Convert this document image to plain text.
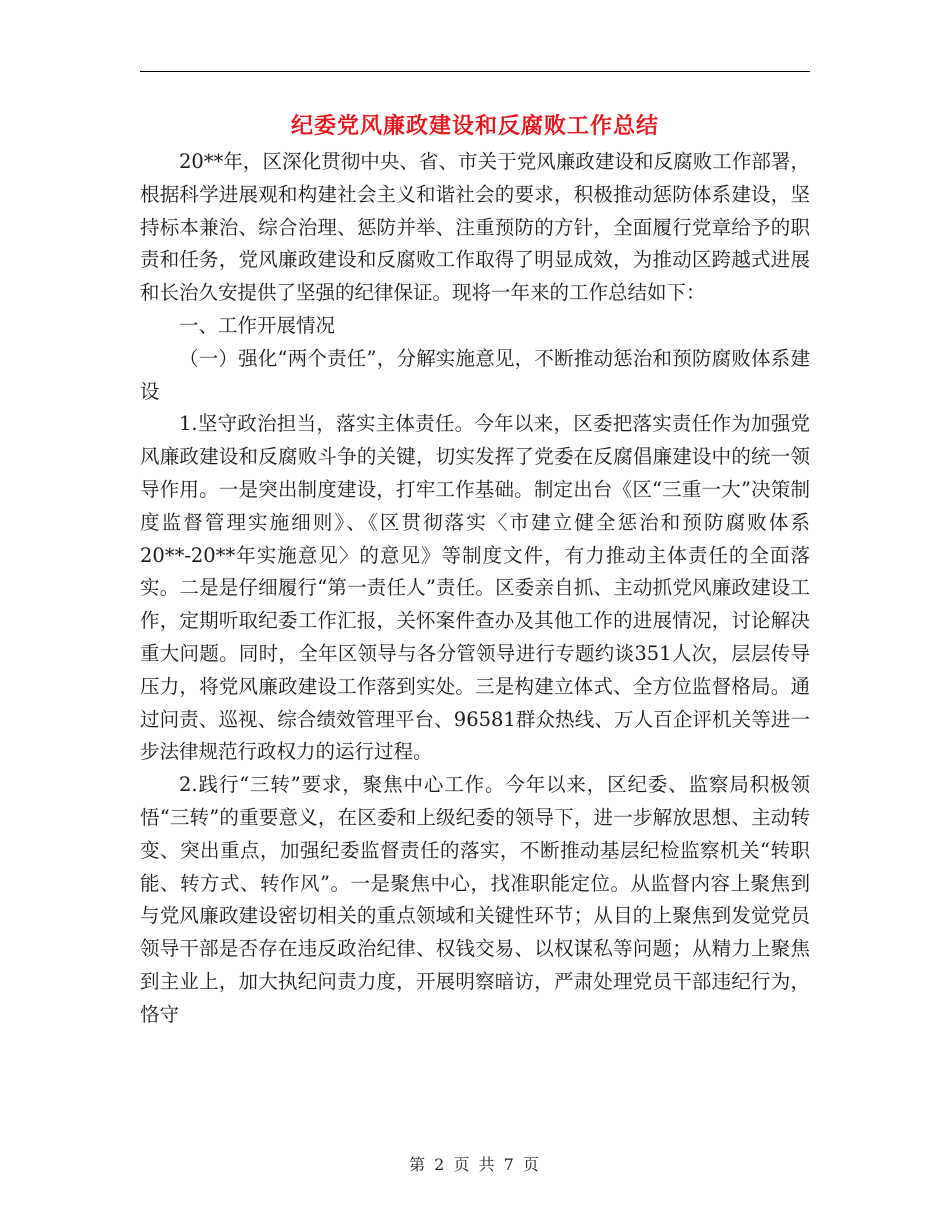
纪委党风廉政建设和反腐败工作总结

20**年，区深化贯彻中央、省、市关于党风廉政建设和反腐败工作部署，根据科学进展观和构建社会主义和谐社会的要求，积极推动惩防体系建设，坚持标本兼治、综合治理、惩防并举、注重预防的方针，全面履行党章给予的职责和任务，党风廉政建设和反腐败工作取得了明显成效，为推动区跨越式进展和长治久安提供了坚强的纪律保证。现将一年来的工作总结如下：

一、工作开展情况

（一）强化“两个责任”，分解实施意见，不断推动惩治和预防腐败体系建设

1.坚守政治担当，落实主体责任。今年以来，区委把落实责任作为加强党风廉政建设和反腐败斗争的关键，切实发挥了党委在反腐倡廉建设中的统一领导作用。一是突出制度建设，打牢工作基础。制定出台《区“三重一大”决策制度监督管理实施细则》、《区贯彻落实〈市建立健全惩治和预防腐败体系20**-20**年实施意见〉的意见》等制度文件，有力推动主体责任的全面落实。二是是仔细履行“第一责任人”责任。区委亲自抓、主动抓党风廉政建设工作，定期听取纪委工作汇报，关怀案件查办及其他工作的进展情况，讨论解决重大问题。同时，全年区领导与各分管领导进行专题约谈351人次，层层传导压力，将党风廉政建设工作落到实处。三是构建立体式、全方位监督格局。通过问责、巡视、综合绩效管理平台、96581群众热线、万人百企评机关等进一步法律规范行政权力的运行过程。

2.践行“三转”要求，聚焦中心工作。今年以来，区纪委、监察局积极领悟“三转”的重要意义，在区委和上级纪委的领导下，进一步解放思想、主动转变、突出重点，加强纪委监督责任的落实，不断推动基层纪检监察机关“转职能、转方式、转作风”。一是聚焦中心，找准职能定位。从监督内容上聚焦到与党风廉政建设密切相关的重点领域和关键性环节；从目的上聚焦到发觉党员领导干部是否存在违反政治纪律、权钱交易、以权谋私等问题；从精力上聚焦到主业上，加大执纪问责力度，开展明察暗访，严肃处理党员干部违纪行为，恪守

第 2 页 共 7 页
